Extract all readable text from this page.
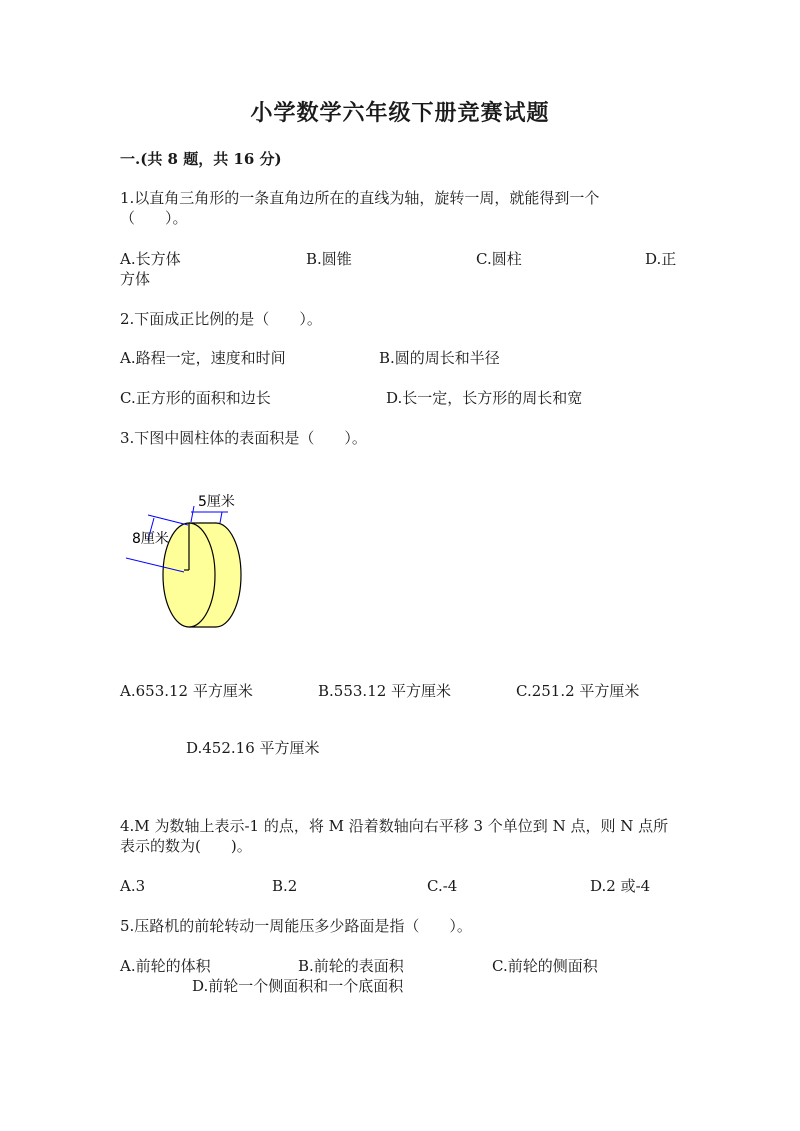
小学数学六年级下册竞赛试题
一.(共 8 题，共 16 分)
1.以直角三角形的一条直角边所在的直线为轴，旋转一周，就能得到一个
（　　）。
A.长方体	B.圆锥	C.圆柱	D.正
方体
2.下面成正比例的是（　　）。
A.路程一定，速度和时间	B.圆的周长和半径
C.正方形的面积和边长	D.长一定，长方形的周长和宽
3.下图中圆柱体的表面积是（　　）。
5厘米
8厘米
A.653.12 平方厘米	B.553.12 平方厘米	C.251.2 平方厘米
D.452.16 平方厘米
4.M 为数轴上表示-1 的点，将 M 沿着数轴向右平移 3 个单位到 N 点，则 N 点所
表示的数为(　　)。
A.3	B.2	C.-4	D.2 或-4
5.压路机的前轮转动一周能压多少路面是指（　　）。
A.前轮的体积	B.前轮的表面积	C.前轮的侧面积
D.前轮一个侧面积和一个底面积
